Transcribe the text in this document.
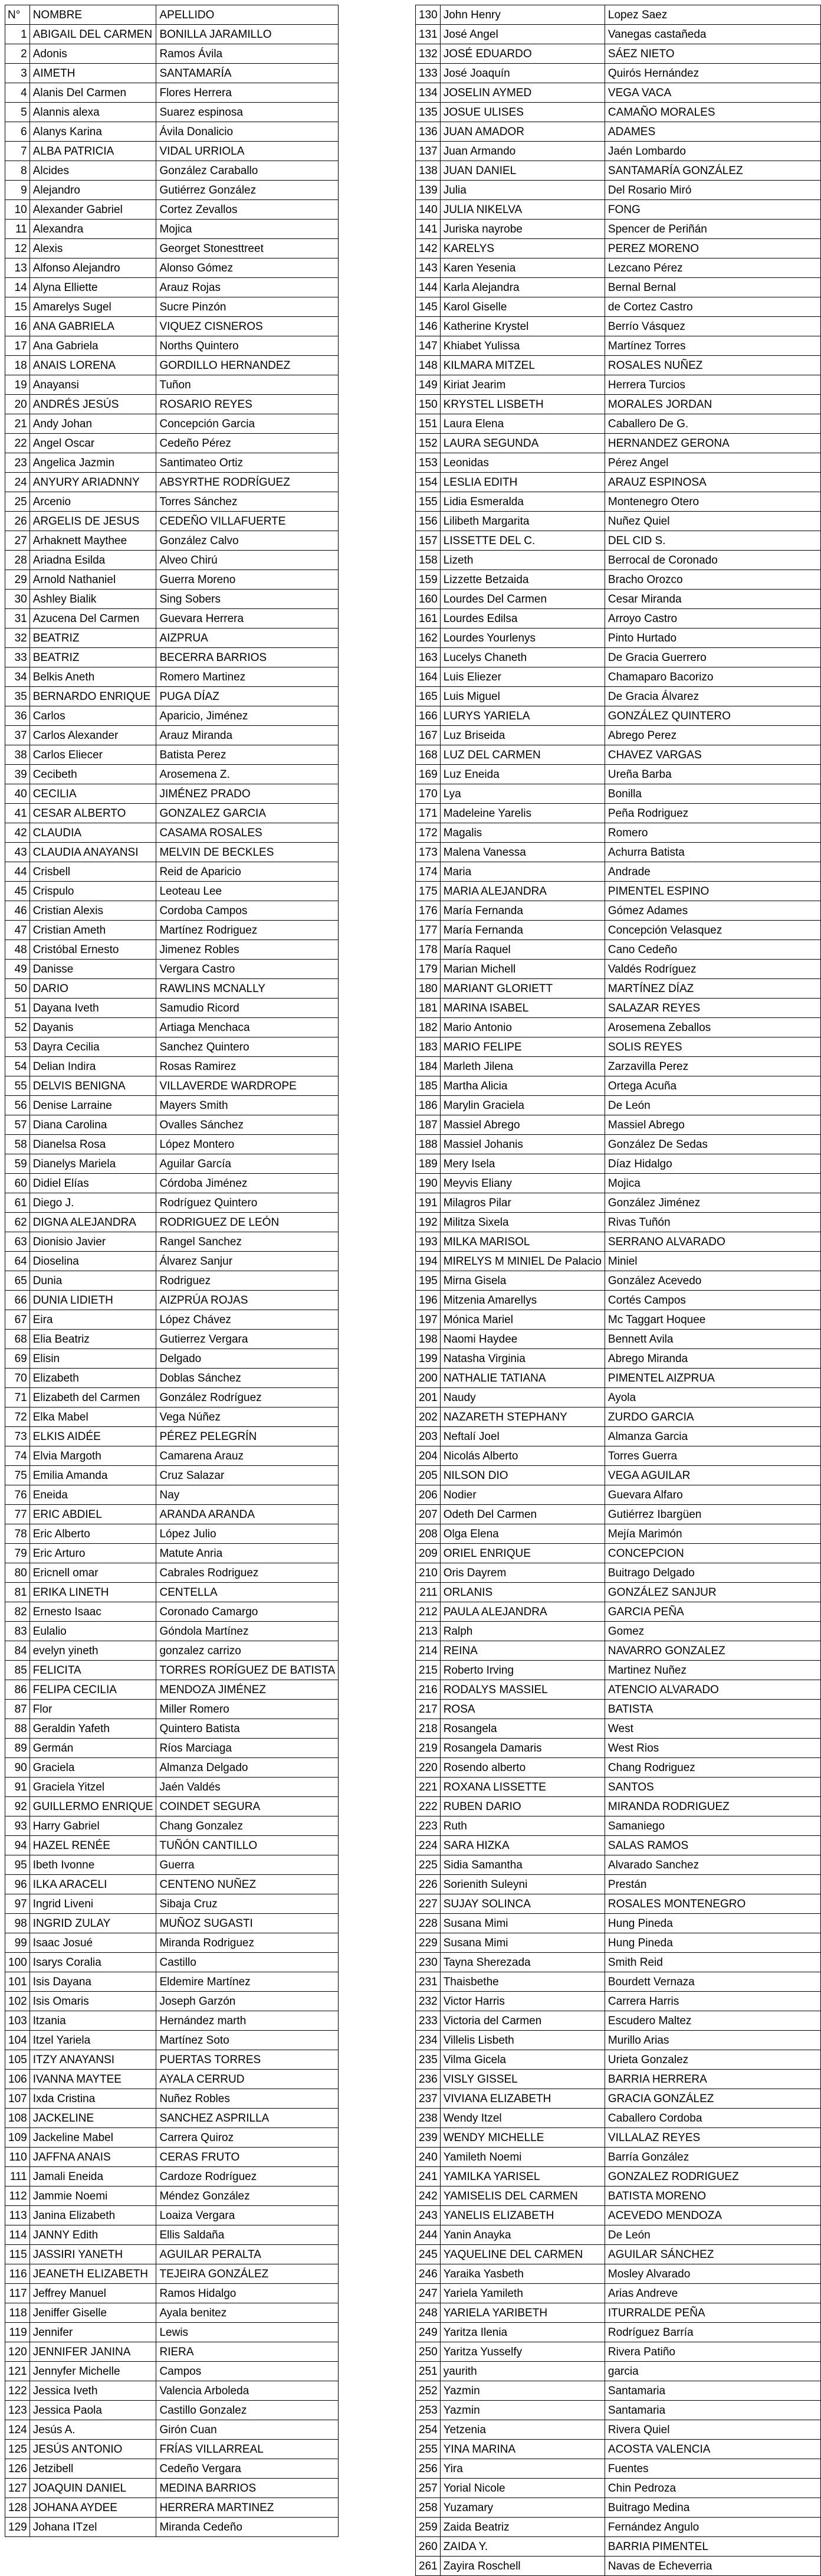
N°	NOMBRE	APELLIDO
1	ABIGAIL DEL CARMEN	BONILLA JARAMILLO
2	Adonis	Ramos Ávila
3	AIMETH	SANTAMARÍA
4	Alanis Del Carmen	Flores Herrera
5	Alannis alexa	Suarez espinosa
6	Alanys Karina	Ávila Donalicio
7	ALBA PATRICIA	VIDAL URRIOLA
8	Alcides	González Caraballo
9	Alejandro	Gutiérrez González
10	Alexander Gabriel	Cortez Zevallos
11	Alexandra	Mojica
12	Alexis	Georget Stonesttreet
13	Alfonso Alejandro	Alonso Gómez
14	Alyna Elliette	Arauz Rojas
15	Amarelys Sugel	Sucre Pinzón
16	ANA GABRIELA	VIQUEZ CISNEROS
17	Ana Gabriela	Norths Quintero
18	ANAIS LORENA	GORDILLO HERNANDEZ
19	Anayansi	Tuñon
20	ANDRÉS JESÚS	ROSARIO REYES
21	Andy Johan	Concepción Garcia
22	Angel Oscar	Cedeño Pérez
23	Angelica Jazmin	Santimateo Ortiz
24	ANYURY ARIADNNY	ABSYRTHE RODRÍGUEZ
25	Arcenio	Torres Sánchez
26	ARGELIS DE JESUS	CEDEÑO VILLAFUERTE
27	Arhaknett Maythee	González Calvo
28	Ariadna Esilda	Alveo Chirú
29	Arnold Nathaniel	Guerra Moreno
30	Ashley Bialik	Sing Sobers
31	Azucena Del Carmen	Guevara Herrera
32	BEATRIZ	AIZPRUA
33	BEATRIZ	BECERRA BARRIOS
34	Belkis Aneth	Romero Martinez
35	BERNARDO ENRIQUE	PUGA DÍAZ
36	Carlos	Aparicio, Jiménez
37	Carlos Alexander	Arauz Miranda
38	Carlos Eliecer	Batista Perez
39	Cecibeth	Arosemena Z.
40	CECILIA	JIMÉNEZ PRADO
41	CESAR ALBERTO	GONZALEZ GARCIA
42	CLAUDIA	CASAMA ROSALES
43	CLAUDIA ANAYANSI	MELVIN DE BECKLES
44	Crisbell	Reid de Aparicio
45	Crispulo	Leoteau Lee
46	Cristian Alexis	Cordoba Campos
47	Cristian Ameth	Martínez Rodriguez
48	Cristóbal Ernesto	Jimenez Robles
49	Danisse	Vergara Castro
50	DARIO	RAWLINS MCNALLY
51	Dayana Iveth	Samudio Ricord
52	Dayanis	Artiaga Menchaca
53	Dayra Cecilia	Sanchez Quintero
54	Delian Indira	Rosas Ramirez
55	DELVIS BENIGNA	VILLAVERDE WARDROPE
56	Denise Larraine	Mayers Smith
57	Diana Carolina	Ovalles Sánchez
58	Dianelsa Rosa	López Montero
59	Dianelys Mariela	Aguilar García
60	Didiel Elías	Córdoba Jiménez
61	Diego J.	Rodríguez Quintero
62	DIGNA ALEJANDRA	RODRIGUEZ DE LEÓN
63	Dionisio Javier	Rangel Sanchez
64	Dioselina	Álvarez Sanjur
65	Dunia	Rodriguez
66	DUNIA LIDIETH	AIZPRÚA ROJAS
67	Eira	López Chávez
68	Elia Beatriz	Gutierrez Vergara
69	Elisin	Delgado
70	Elizabeth	Doblas Sánchez
71	Elizabeth del Carmen	González Rodríguez
72	Elka Mabel	Vega Núñez
73	ELKIS AIDÉE	PÉREZ PELEGRÍN
74	Elvia Margoth	Camarena Arauz
75	Emilia Amanda	Cruz Salazar
76	Eneida	Nay
77	ERIC ABDIEL	ARANDA ARANDA
78	Eric Alberto	López Julio
79	Eric Arturo	Matute Anria
80	Ericnell omar	Cabrales Rodriguez
81	ERIKA LINETH	CENTELLA
82	Ernesto Isaac	Coronado Camargo
83	Eulalio	Góndola Martínez
84	evelyn yineth	gonzalez carrizo
85	FELICITA	TORRES RORÍGUEZ DE BATISTA
86	FELIPA CECILIA	MENDOZA JIMÉNEZ
87	Flor	Miller Romero
88	Geraldin Yafeth	Quintero Batista
89	Germán	Ríos Marciaga
90	Graciela	Almanza Delgado
91	Graciela Yitzel	Jaén Valdés
92	GUILLERMO ENRIQUE	COINDET SEGURA
93	Harry Gabriel	Chang Gonzalez
94	HAZEL RENÉE	TUÑÓN CANTILLO
95	Ibeth Ivonne	Guerra
96	ILKA ARACELI	CENTENO NUÑEZ
97	Ingrid Liveni	Sibaja Cruz
98	INGRID ZULAY	MUÑOZ SUGASTI
99	Isaac Josué	Miranda Rodriguez
100	Isarys Coralia	Castillo
101	Isis Dayana	Eldemire Martínez
102	Isis Omaris	Joseph Garzón
103	Itzania	Hernández marth
104	Itzel Yariela	Martínez Soto
105	ITZY ANAYANSI	PUERTAS TORRES
106	IVANNA MAYTEE	AYALA CERRUD
107	Ixda Cristina	Nuñez Robles
108	JACKELINE	SANCHEZ ASPRILLA
109	Jackeline Mabel	Carrera Quiroz
110	JAFFNA ANAIS	CERAS FRUTO
111	Jamali Eneida	Cardoze Rodríguez
112	Jammie Noemi	Méndez González
113	Janina Elizabeth	Loaiza Vergara
114	JANNY Edith	Ellis Saldaña
115	JASSIRI YANETH	AGUILAR PERALTA
116	JEANETH ELIZABETH	TEJEIRA GONZÁLEZ
117	Jeffrey Manuel	Ramos Hidalgo
118	Jeniffer Giselle	Ayala benitez
119	Jennifer	Lewis
120	JENNIFER JANINA	RIERA
121	Jennyfer Michelle	Campos
122	Jessica Iveth	Valencia Arboleda
123	Jessica Paola	Castillo Gonzalez
124	Jesús A.	Girón Cuan
125	JESÚS ANTONIO	FRÍAS VILLARREAL
126	Jetzibell	Cedeño Vergara
127	JOAQUIN DANIEL	MEDINA BARRIOS
128	JOHANA AYDEE	HERRERA MARTINEZ
129	Johana ITzel	Miranda Cedeño
130	John Henry	Lopez Saez
131	José Angel	Vanegas castañeda
132	JOSÉ EDUARDO	SÁEZ NIETO
133	José Joaquín	Quirós Hernández
134	JOSELIN AYMED	VEGA VACA
135	JOSUE ULISES	CAMAÑO MORALES
136	JUAN AMADOR	ADAMES
137	Juan Armando	Jaén Lombardo
138	JUAN DANIEL	SANTAMARÍA GONZÁLEZ
139	Julia	Del Rosario Miró
140	JULIA NIKELVA	FONG
141	Juriska nayrobe	Spencer de Periñán
142	KARELYS	PEREZ MORENO
143	Karen Yesenia	Lezcano Pérez
144	Karla Alejandra	Bernal Bernal
145	Karol Giselle	de Cortez Castro
146	Katherine Krystel	Berrío Vásquez
147	Khiabet Yulissa	Martínez Torres
148	KILMARA MITZEL	ROSALES NUÑEZ
149	Kiriat Jearim	Herrera Turcios
150	KRYSTEL LISBETH	MORALES JORDAN
151	Laura Elena	Caballero De G.
152	LAURA SEGUNDA	HERNANDEZ GERONA
153	Leonidas	Pérez Angel
154	LESLIA EDITH	ARAUZ ESPINOSA
155	Lidia Esmeralda	Montenegro Otero
156	Lilibeth Margarita	Nuñez Quiel
157	LISSETTE DEL C.	DEL CID S.
158	Lizeth	Berrocal de Coronado
159	Lizzette Betzaida	Bracho Orozco
160	Lourdes Del Carmen	Cesar Miranda
161	Lourdes Edilsa	Arroyo Castro
162	Lourdes Yourlenys	Pinto Hurtado
163	Lucelys Chaneth	De Gracia Guerrero
164	Luis Eliezer	Chamaparo Bacorizo
165	Luis Miguel	De Gracia Álvarez
166	LURYS YARIELA	GONZÁLEZ QUINTERO
167	Luz Briseida	Abrego Perez
168	LUZ DEL CARMEN	CHAVEZ VARGAS
169	Luz Eneida	Ureña Barba
170	Lya	Bonilla
171	Madeleine Yarelis	Peña Rodriguez
172	Magalis	Romero
173	Malena Vanessa	Achurra Batista
174	Maria	Andrade
175	MARIA ALEJANDRA	PIMENTEL ESPINO
176	María Fernanda	Gómez Adames
177	María Fernanda	Concepción Velasquez
178	María Raquel	Cano Cedeño
179	Marian Michell	Valdés Rodríguez
180	MARIANT GLORIETT	MARTÍNEZ DÍAZ
181	MARINA ISABEL	SALAZAR REYES
182	Mario Antonio	Arosemena Zeballos
183	MARIO FELIPE	SOLIS REYES
184	Marleth Jilena	Zarzavilla Perez
185	Martha Alicia	Ortega Acuña
186	Marylin Graciela	De León
187	Massiel Abrego	Massiel Abrego
188	Massiel Johanis	González De Sedas
189	Mery Isela	Díaz Hidalgo
190	Meyvis Eliany	Mojica
191	Milagros Pilar	González Jiménez
192	Militza Sixela	Rivas Tuñón
193	MILKA MARISOL	SERRANO ALVARADO
194	MIRELYS M MINIEL De Palacio	Miniel
195	Mirna Gisela	González Acevedo
196	Mitzenia Amarellys	Cortés Campos
197	Mónica Mariel	Mc Taggart Hoquee
198	Naomi Haydee	Bennett Avila
199	Natasha Virginia	Abrego Miranda
200	NATHALIE TATIANA	PIMENTEL AIZPRUA
201	Naudy	Ayola
202	NAZARETH STEPHANY	ZURDO GARCIA
203	Neftalí Joel	Almanza Garcia
204	Nicolás Alberto	Torres Guerra
205	NILSON DIO	VEGA AGUILAR
206	Nodier	Guevara Alfaro
207	Odeth Del Carmen	Gutiérrez Ibargüen
208	Olga Elena	Mejía Marimón
209	ORIEL ENRIQUE	CONCEPCION
210	Oris Dayrem	Buitrago Delgado
211	ORLANIS	GONZÁLEZ SANJUR
212	PAULA ALEJANDRA	GARCIA PEÑA
213	Ralph	Gomez
214	REINA	NAVARRO GONZALEZ
215	Roberto Irving	Martinez Nuñez
216	RODALYS MASSIEL	ATENCIO ALVARADO
217	ROSA	BATISTA
218	Rosangela	West
219	Rosangela Damaris	West Rios
220	Rosendo alberto	Chang Rodriguez
221	ROXANA LISSETTE	SANTOS
222	RUBEN DARIO	MIRANDA RODRIGUEZ
223	Ruth	Samaniego
224	SARA HIZKA	SALAS RAMOS
225	Sidia Samantha	Alvarado Sanchez
226	Sorienith Suleyni	Prestán
227	SUJAY SOLINCA	ROSALES MONTENEGRO
228	Susana Mimi	Hung Pineda
229	Susana Mimi	Hung Pineda
230	Tayna Sherezada	Smith Reid
231	Thaisbethe	Bourdett Vernaza
232	Victor Harris	Carrera Harris
233	Victoria del Carmen	Escudero Maltez
234	Villelis Lisbeth	Murillo Arias
235	Vilma Gicela	Urieta Gonzalez
236	VISLY GISSEL	BARRIA HERRERA
237	VIVIANA ELIZABETH	GRACIA GONZÁLEZ
238	Wendy Itzel	Caballero Cordoba
239	WENDY MICHELLE	VILLALAZ REYES
240	Yamileth Noemi	Barría González
241	YAMILKA YARISEL	GONZALEZ RODRIGUEZ
242	YAMISELIS DEL CARMEN	BATISTA MORENO
243	YANELIS ELIZABETH	ACEVEDO MENDOZA
244	Yanin Anayka	De León
245	YAQUELINE DEL CARMEN	AGUILAR SÁNCHEZ
246	Yaraika Yasbeth	Mosley Alvarado
247	Yariela Yamileth	Arias Andreve
248	YARIELA YARIBETH	ITURRALDE PEÑA
249	Yaritza Ilenia	Rodríguez Barría
250	Yaritza Yusselfy	Rivera Patiño
251	yaurith	garcia
252	Yazmin	Santamaria
253	Yazmin	Santamaria
254	Yetzenia	Rivera Quiel
255	YINA MARINA	ACOSTA VALENCIA
256	Yira	Fuentes
257	Yorial Nicole	Chin Pedroza
258	Yuzamary	Buitrago Medina
259	Zaida Beatriz	Fernández Angulo
260	ZAIDA Y.	BARRIA PIMENTEL
261	Zayira Roschell	Navas de Echeverria
